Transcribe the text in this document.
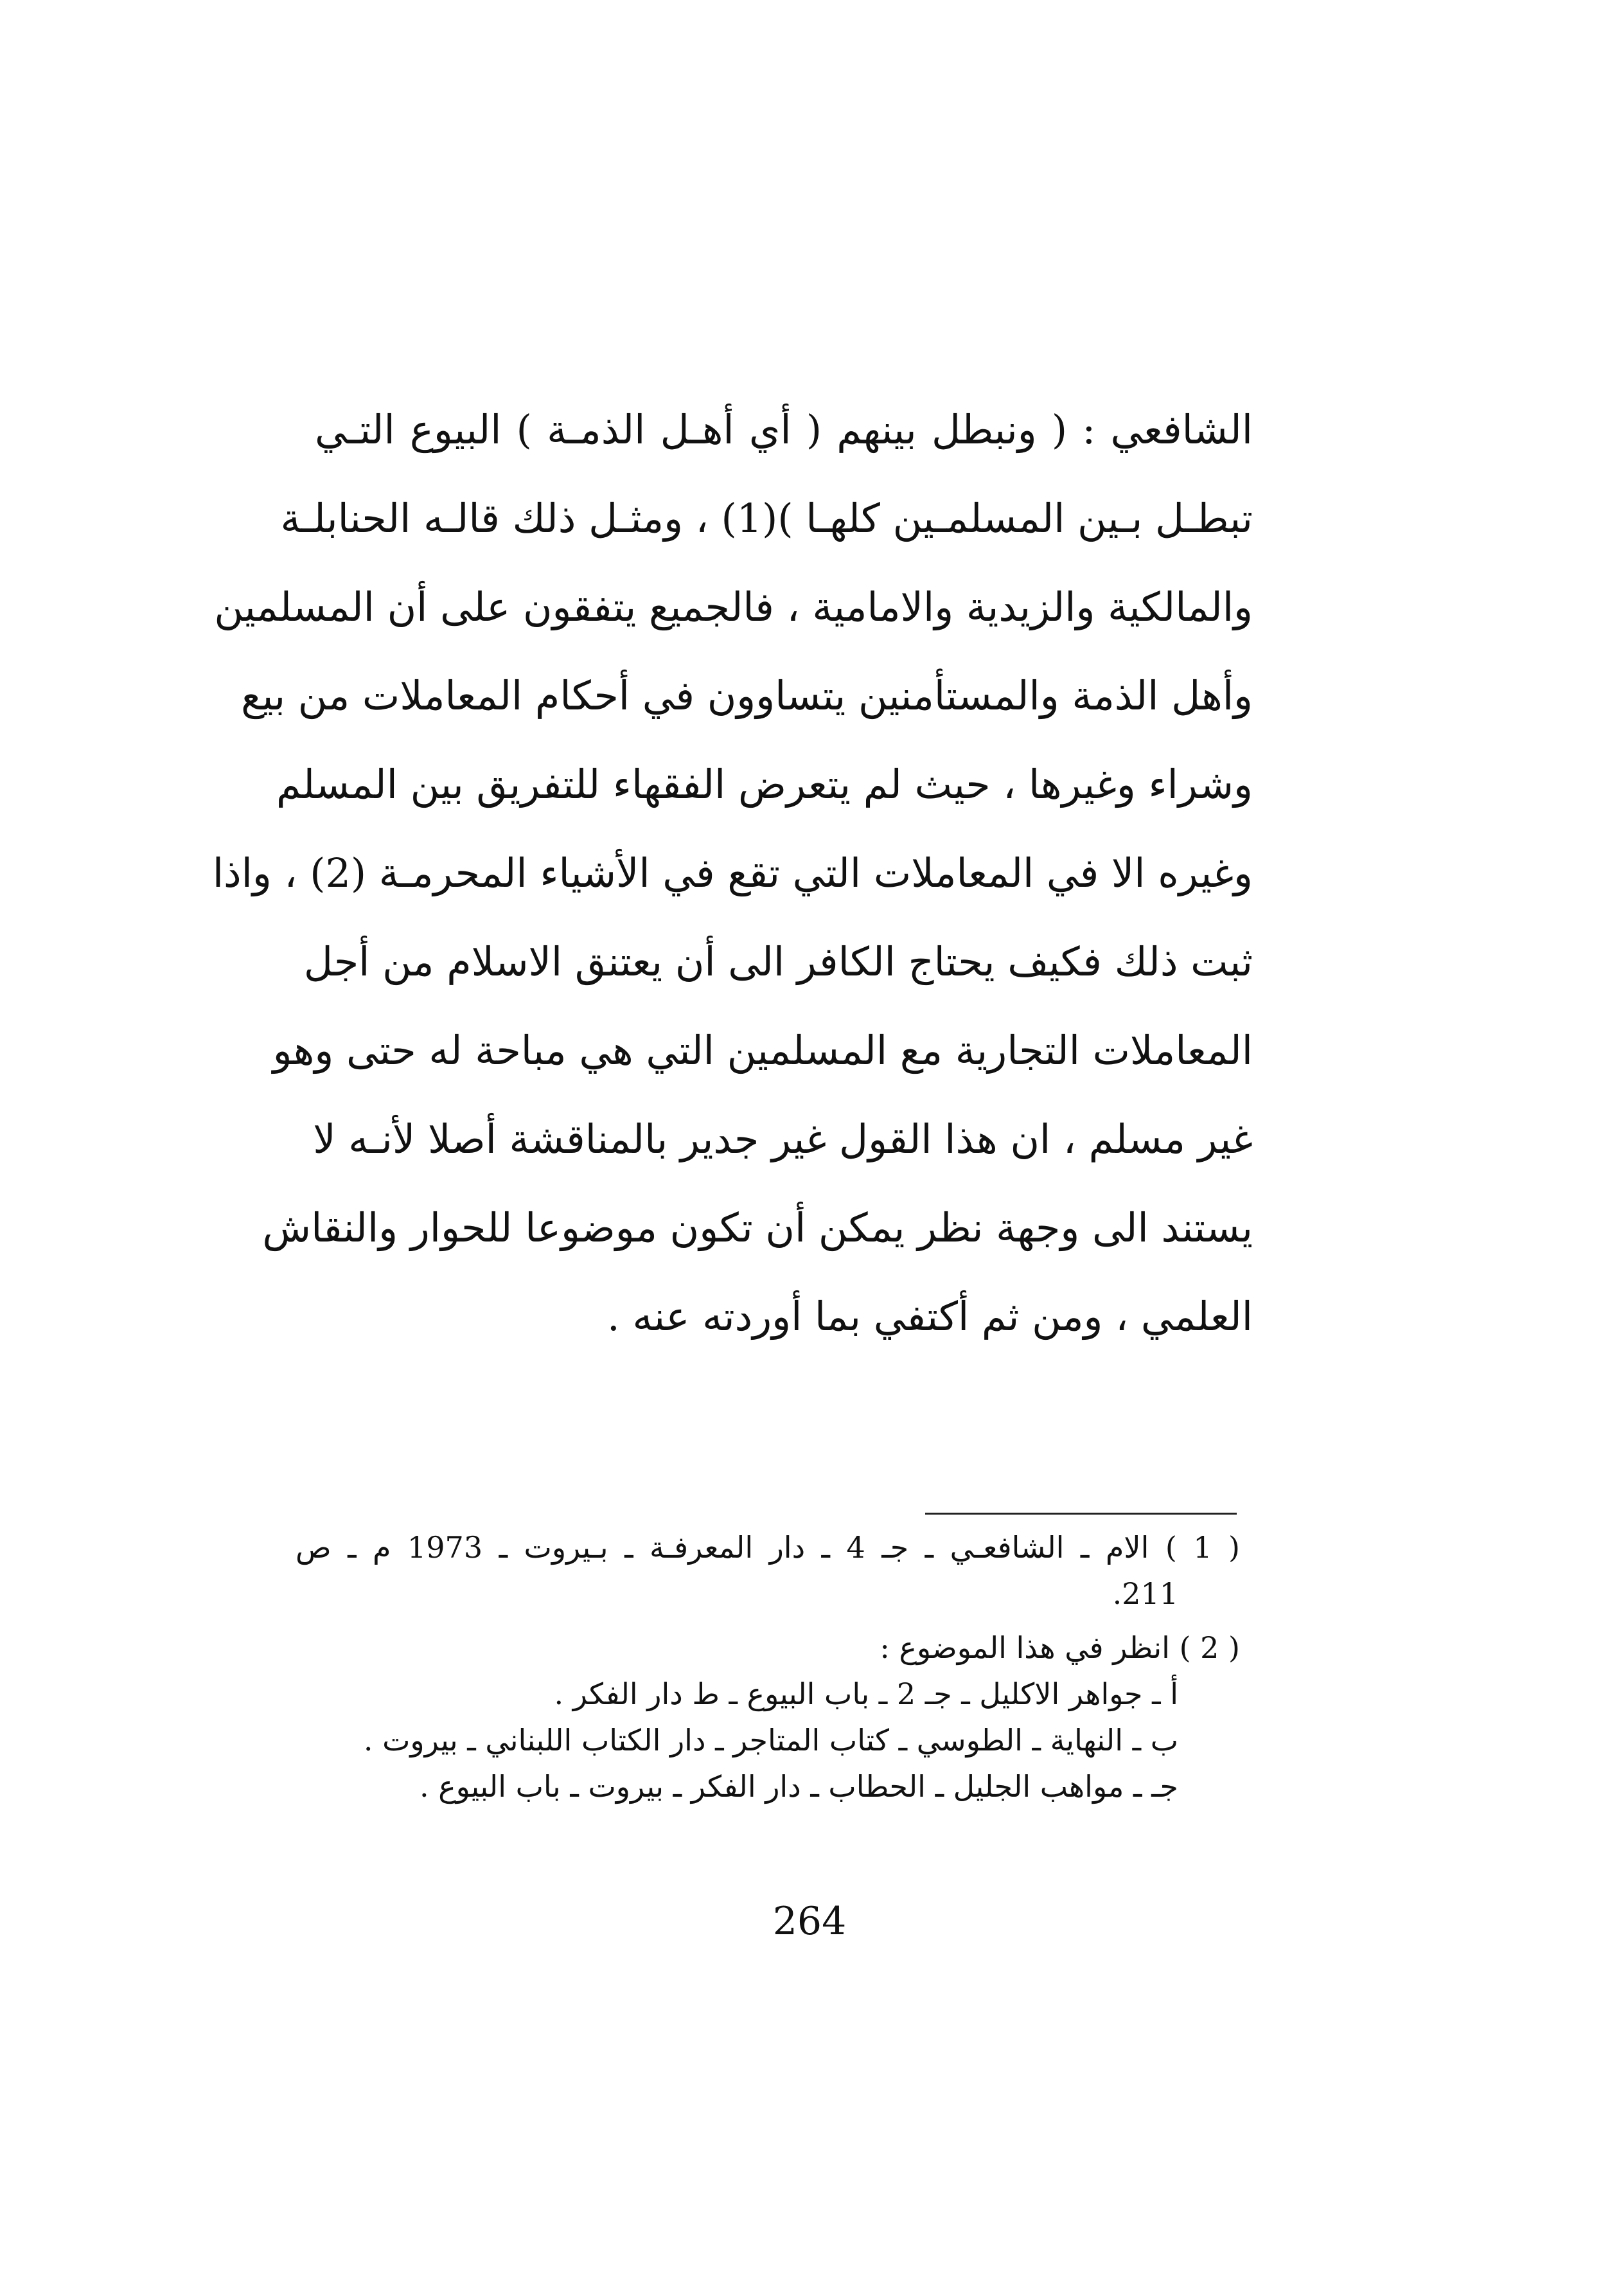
الشافعي : ( ونبطل بينهم ( أي أهـل الذمـة ) البيوع التـي
تبطـل بـين المسلمـين كلهـا )(1) ، ومثـل ذلك قالـه الحنابلـة
والمالكية والزيدية والامامية ، فالجميع يتفقون على أن المسلمين
وأهل الذمة والمستأمنين يتساوون في أحكام المعاملات من بيع
وشراء وغيرها ، حيث لم يتعرض الفقهاء للتفريق بين المسلم
وغيره الا في المعاملات التي تقع في الأشياء المحرمـة (2) ، واذا
ثبت ذلك فكيف يحتاج الكافر الى أن يعتنق الاسلام من أجل
المعاملات التجارية مع المسلمين التي هي مباحة له حتى وهو
غير مسلم ، ان هذا القول غير جدير بالمناقشة أصلا لأنـه لا
يستند الى وجهة نظر يمكن أن تكون موضوعا للحوار والنقاش
العلمي ، ومن ثم أكتفي بما أوردته عنه .
( 1 ) الام ـ الشافعـي ـ جـ 4 ـ دار المعرفـة ـ بـيروت ـ 1973 م ـ ص
211.
( 2 ) انظر في هذا الموضوع :
أ ـ جواهر الاكليل ـ جـ 2 ـ باب البيوع ـ ط دار الفكر .
ب ـ النهاية ـ الطوسي ـ كتاب المتاجر ـ دار الكتاب اللبناني ـ بيروت .
جـ ـ مواهب الجليل ـ الحطاب ـ دار الفكر ـ بيروت ـ باب البيوع .
264
